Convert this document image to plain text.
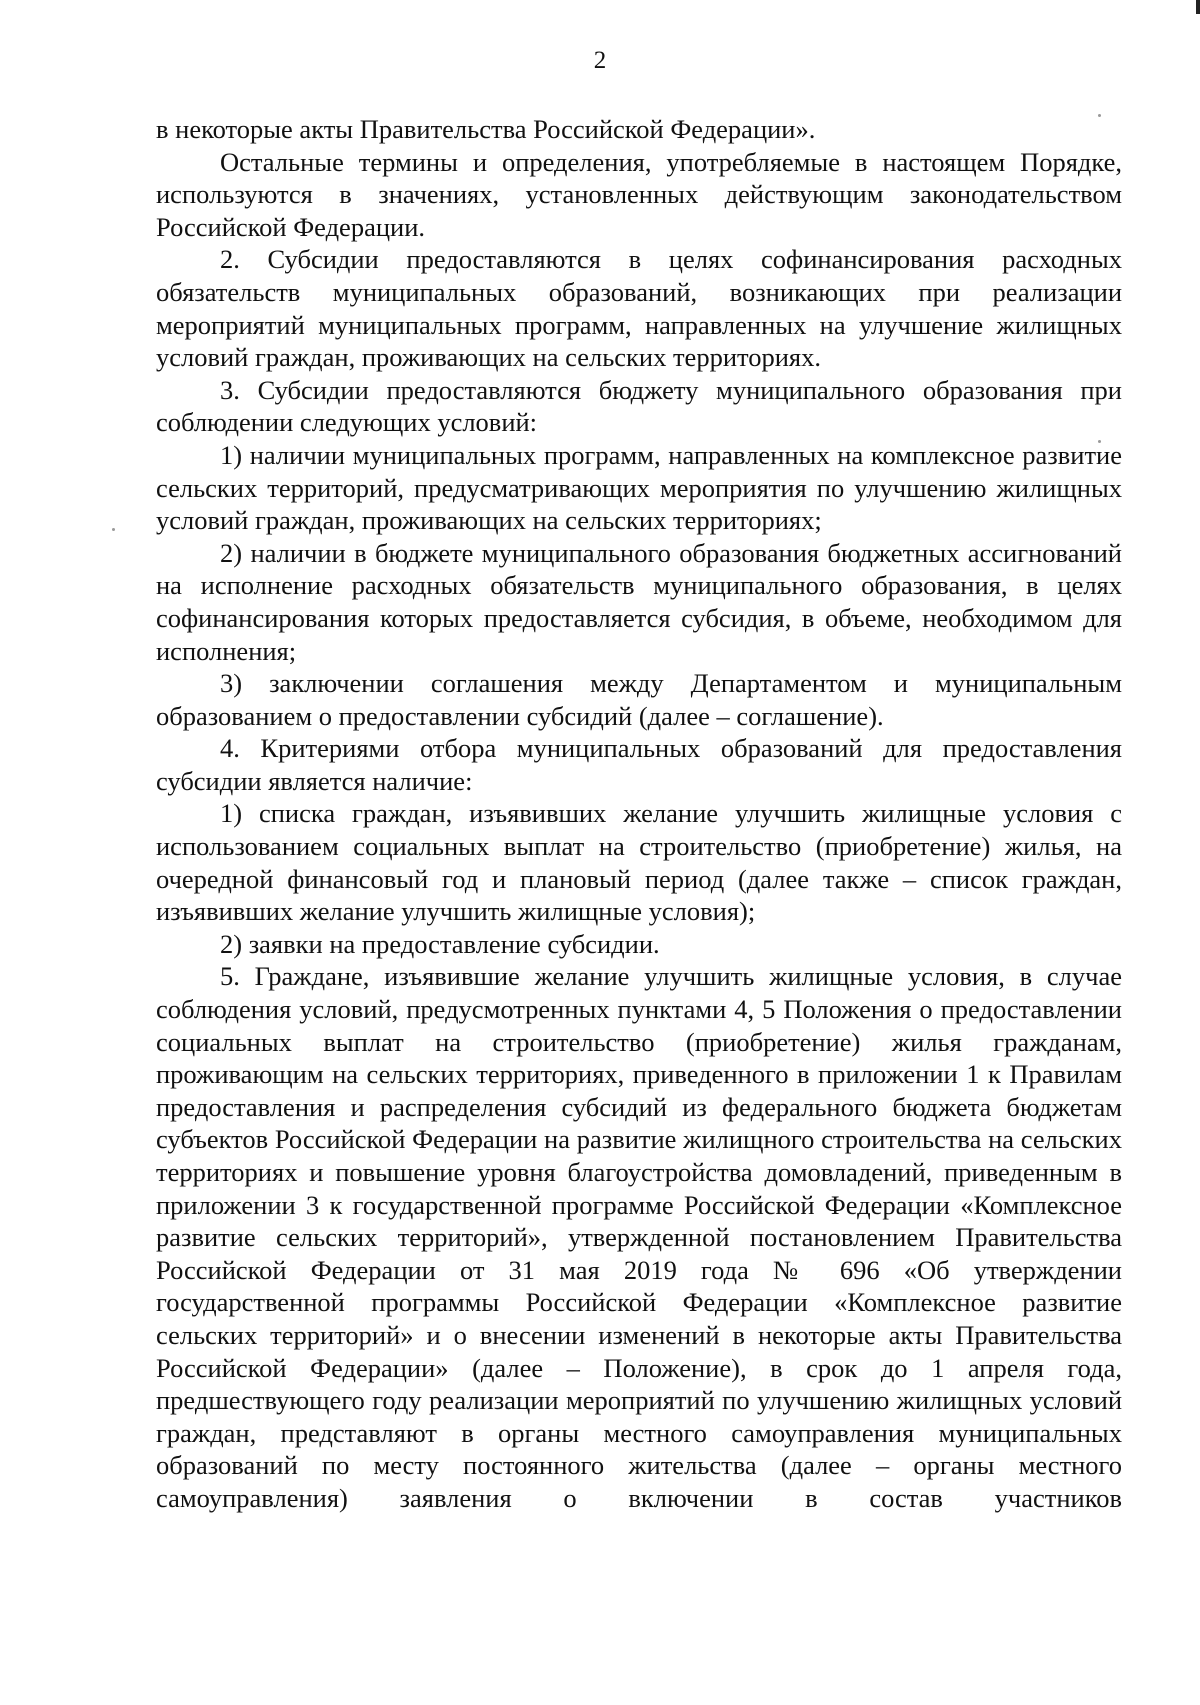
2

в некоторые акты Правительства Российской Федерации».

Остальные термины и определения, употребляемые в настоящем Порядке, используются в значениях, установленных действующим законодательством Российской Федерации.

2. Субсидии предоставляются в целях софинансирования расходных обязательств муниципальных образований, возникающих при реализации мероприятий муниципальных программ, направленных на улучшение жилищных условий граждан, проживающих на сельских территориях.

3. Субсидии предоставляются бюджету муниципального образования при соблюдении следующих условий:

1) наличии муниципальных программ, направленных на комплексное развитие сельских территорий, предусматривающих мероприятия по улучшению жилищных условий граждан, проживающих на сельских территориях;

2) наличии в бюджете муниципального образования бюджетных ассигнований на исполнение расходных обязательств муниципального образования, в целях софинансирования которых предоставляется субсидия, в объеме, необходимом для исполнения;

3) заключении соглашения между Департаментом и муниципальным образованием о предоставлении субсидий (далее – соглашение).

4. Критериями отбора муниципальных образований для предоставления субсидии является наличие:

1) списка граждан, изъявивших желание улучшить жилищные условия с использованием социальных выплат на строительство (приобретение) жилья, на очередной финансовый год и плановый период (далее также – список граждан, изъявивших желание улучшить жилищные условия);

2) заявки на предоставление субсидии.

5. Граждане, изъявившие желание улучшить жилищные условия, в случае соблюдения условий, предусмотренных пунктами 4, 5 Положения о предоставлении социальных выплат на строительство (приобретение) жилья гражданам, проживающим на сельских территориях, приведенного в приложении 1 к Правилам предоставления и распределения субсидий из федерального бюджета бюджетам субъектов Российской Федерации на развитие жилищного строительства на сельских территориях и повышение уровня благоустройства домовладений, приведенным в приложении 3 к государственной программе Российской Федерации «Комплексное развитие сельских территорий», утвержденной постановлением Правительства Российской Федерации от 31 мая 2019 года № 696 «Об утверждении государственной программы Российской Федерации «Комплексное развитие сельских территорий» и о внесении изменений в некоторые акты Правительства Российской Федерации» (далее – Положение), в срок до 1 апреля года, предшествующего году реализации мероприятий по улучшению жилищных условий граждан, представляют в органы местного самоуправления муниципальных образований по месту постоянного жительства (далее – органы местного самоуправления) заявления о включении в состав участников
